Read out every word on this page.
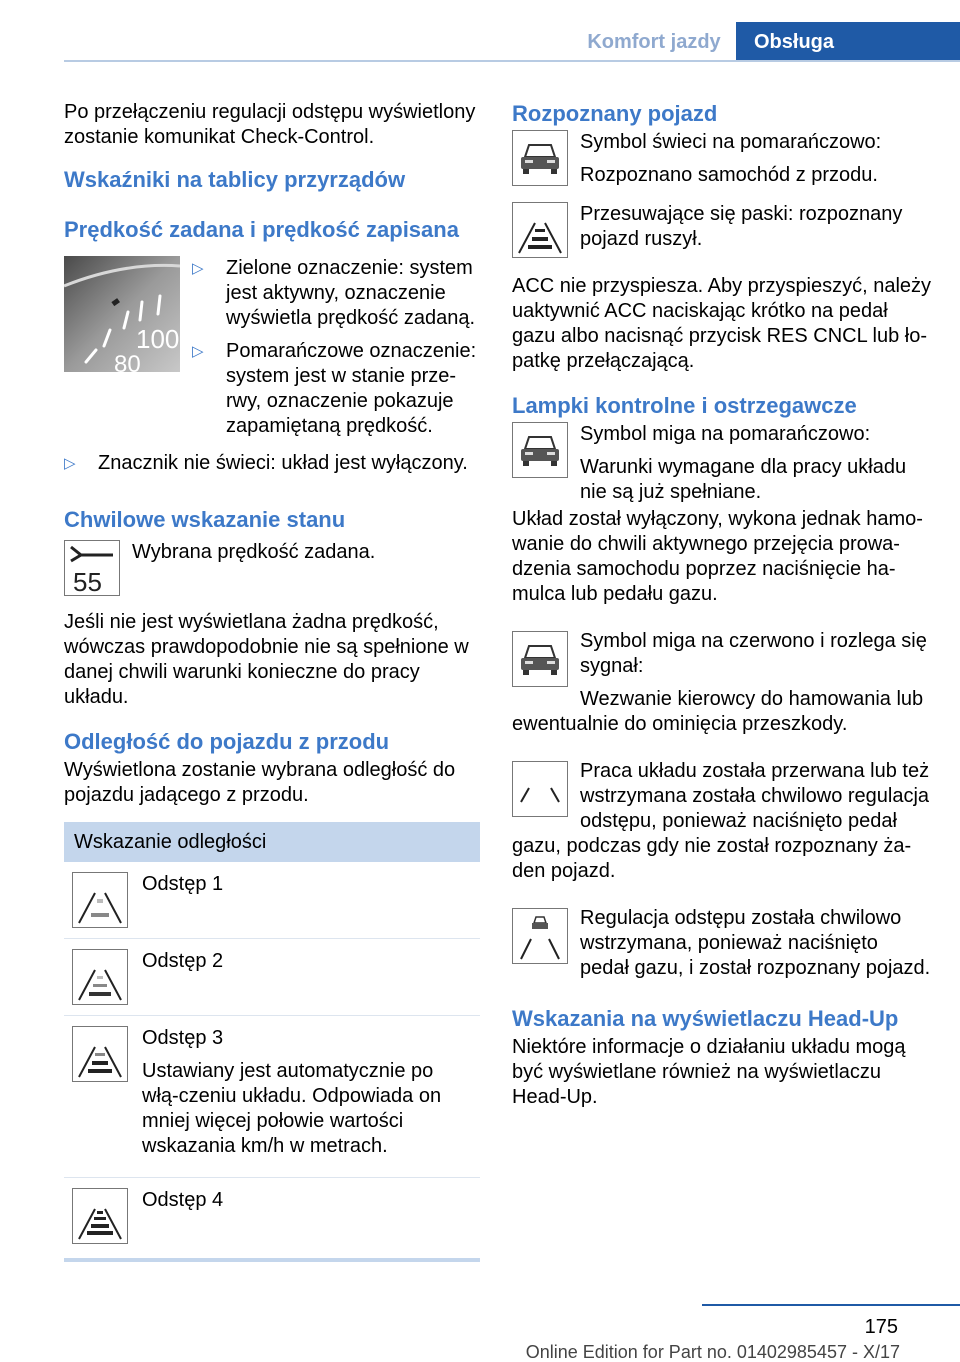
Komfort jazdy	Obsługa

Po przełączeniu regulacji odstępu wyświetlony zostanie komunikat Check-Control.

Wskaźniki na tablicy przyrządów
Prędkość zadana i prędkość zapisana
100
80
▷	Zielone oznaczenie: system jest aktywny, oznaczenie wyświetla prędkość zadaną.
▷	Pomarańczowe oznaczenie: system jest w stanie prze-rwy, oznaczenie pokazuje zapamiętaną prędkość.
▷	Znacznik nie świeci: układ jest wyłączony.
Chwilowe wskazanie stanu
55

Wybrana prędkość zadana.

Jeśli nie jest wyświetlana żadna prędkość, wówczas prawdopodobnie nie są spełnione w danej chwili warunki konieczne do pracy układu.

Odległość do pojazdu z przodu

Wyświetlona zostanie wybrana odległość do pojazdu jadącego z przodu.

Wskazanie odległości

Odstęp 1

Odstęp 2

Odstęp 3

Ustawiany jest automatycznie po włą-czeniu układu. Odpowiada on mniej więcej połowie wartości wskazania km/h w metrach.

Odstęp 4

Rozpoznany pojazd

Symbol świeci na pomarańczowo:

Rozpoznano samochód z przodu.

Przesuwające się paski: rozpoznany pojazd ruszył.

ACC nie przyspiesza. Aby przyspieszyć, należy uaktywnić ACC naciskając krótko na pedał gazu albo nacisnąć przycisk RES CNCL lub ło-patkę przełączającą.

Lampki kontrolne i ostrzegawcze

Symbol miga na pomarańczowo:

Warunki wymagane dla pracy układu nie są już spełniane.

Układ został wyłączony, wykona jednak hamo-wanie do chwili aktywnego przejęcia prowa-dzenia samochodu poprzez naciśnięcie ha-mulca lub pedału gazu.

Symbol miga na czerwono i rozlega się sygnał:

Wezwanie kierowcy do hamowania lub ewentualnie do ominięcia przeszkody.

Praca układu została przerwana lub też wstrzymana została chwilowo regulacja odstępu, ponieważ naciśnięto pedał gazu, podczas gdy nie został rozpoznany ża-den pojazd.

Regulacja odstępu została chwilowo wstrzymana, ponieważ naciśnięto pedał gazu, i został rozpoznany pojazd.

Wskazania na wyświetlaczu Head-Up

Niektóre informacje o działaniu układu mogą być wyświetlane również na wyświetlaczu Head-Up.

175
Online Edition for Part no. 01402985457 - X/17
